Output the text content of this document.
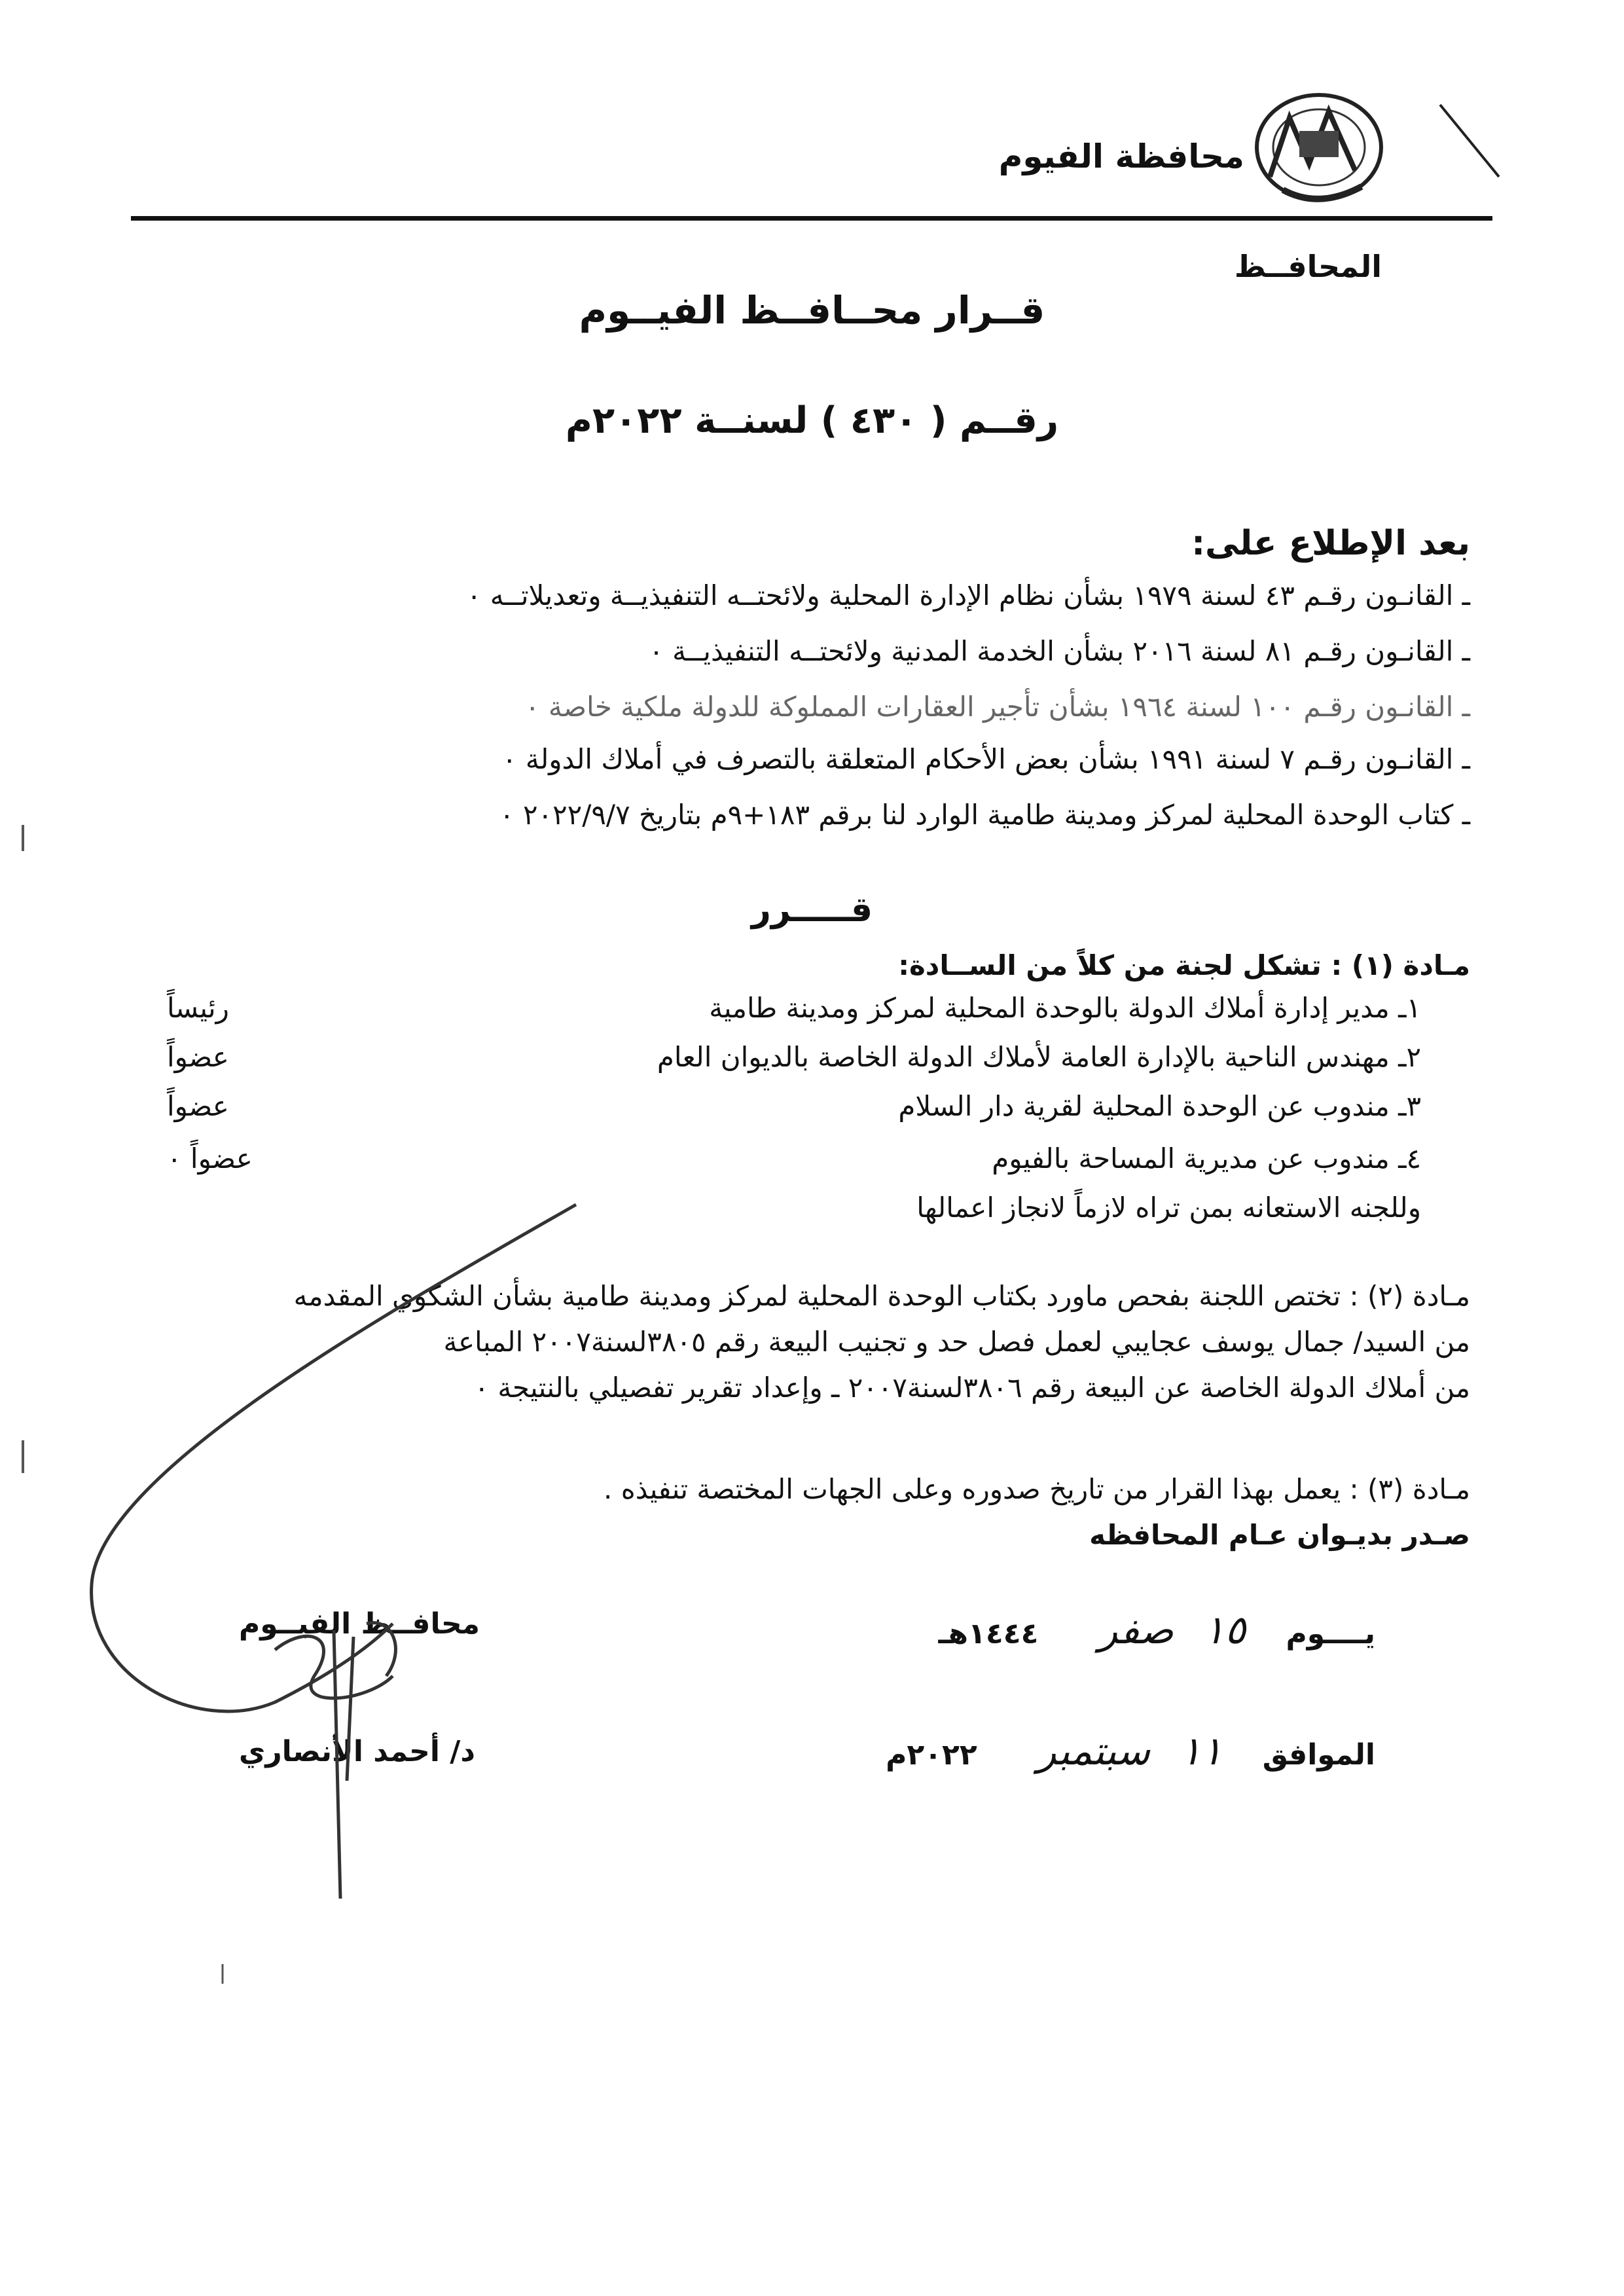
محافظة الفيوم
المحافــظ
قــرار محــافــظ الفيــوم
رقــم ( ٤٣٠ ) لسنــة ٢٠٢٢م
بعد الإطلاع على:
ـ القانـون رقـم ٤٣ لسنة ١٩٧٩ بشأن نظام الإدارة المحلية ولائحتــه التنفيذيــة وتعديلاتــه ٠
ـ القانـون رقـم ٨١ لسنة ٢٠١٦ بشأن الخدمة المدنية ولائحتــه التنفيذيــة ٠
ـ القانـون رقـم ١٠٠ لسنة ١٩٦٤ بشأن تأجير العقارات المملوكة للدولة ملكية خاصة ٠
ـ القانـون رقـم ٧ لسنة ١٩٩١ بشأن بعض الأحكام المتعلقة بالتصرف في أملاك الدولة ٠
ـ كتاب الوحدة المحلية لمركز ومدينة طامية الوارد لنا برقم ١٨٣+٩م بتاريخ ٢٠٢٢/٩/٧ ٠
قـــــرر
مـادة (١) : تشكل لجنة من كلاً من الســادة:
١ـ مدير إدارة أملاك الدولة بالوحدة المحلية لمركز ومدينة طامية
رئيساً
٢ـ مهندس الناحية بالإدارة العامة لأملاك الدولة الخاصة بالديوان العام
عضواً
٣ـ مندوب عن الوحدة المحلية لقرية دار السلام
عضواً
٤ـ مندوب عن مديرية المساحة بالفيوم
عضواً ٠
وللجنه الاستعانه بمن تراه لازماً لانجاز اعمالها
مـادة (٢) : تختص اللجنة بفحص ماورد بكتاب الوحدة المحلية لمركز ومدينة طامية بشأن الشكوي المقدمه
من السيد/ جمال يوسف عجايبي لعمل فصل حد و تجنيب البيعة رقم ٣٨٠٥لسنة٢٠٠٧ المباعة
من أملاك الدولة الخاصة عن البيعة رقم ٣٨٠٦لسنة٢٠٠٧ ـ وإعداد تقرير تفصيلي بالنتيجة ٠
مـادة (٣) : يعمل بهذا القرار من تاريخ صدوره وعلى الجهات المختصة تنفيذه .
صـدر بديـوان عـام المحافظه
يــــوم    ١٥   صفر      ١٤٤٤هـ
الموافق    ١١   سبتمبر      ٢٠٢٢م
محافــظ الفيــوم
د/ أحمد الأنصاري
